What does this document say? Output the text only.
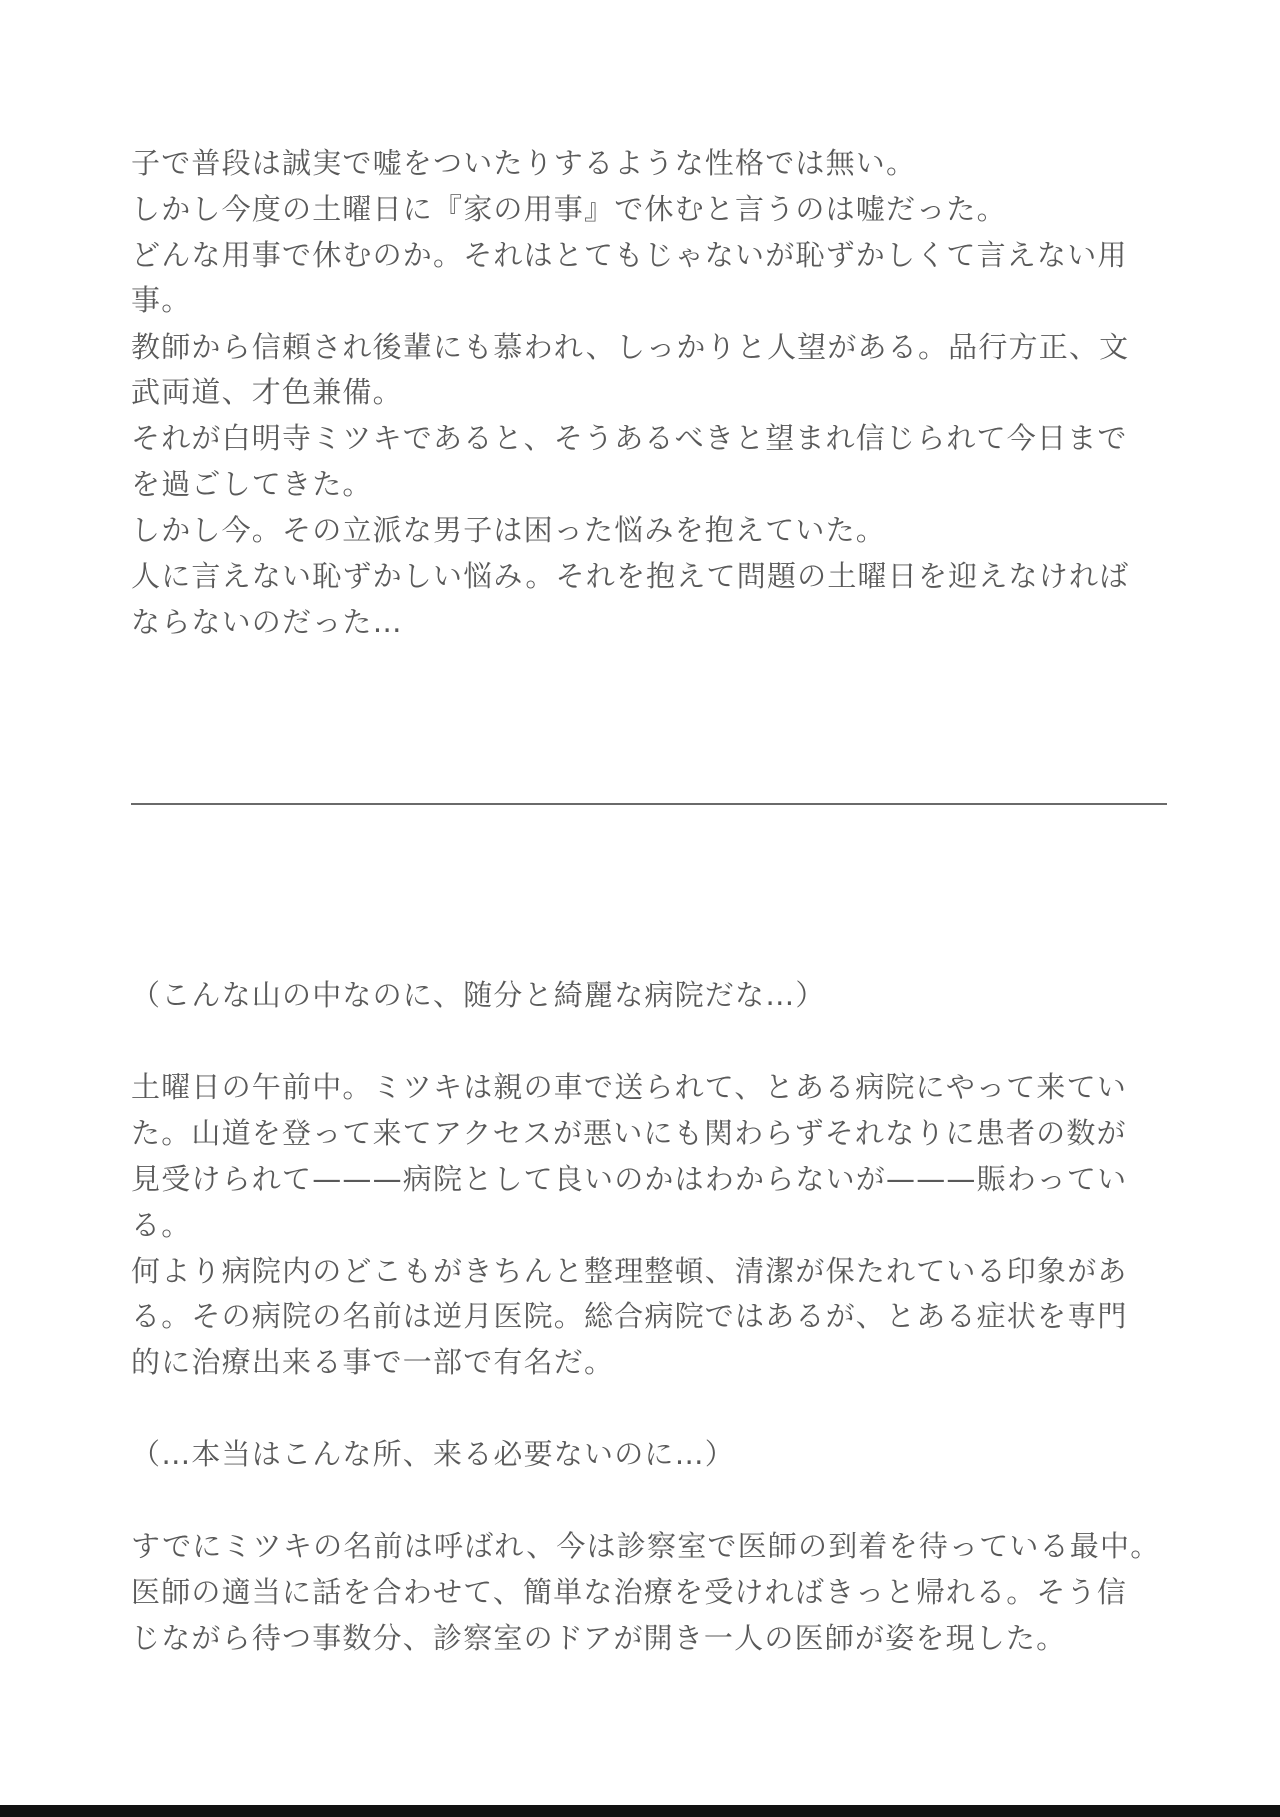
子で普段は誠実で嘘をついたりするような性格では無い。
しかし今度の土曜日に『家の用事』で休むと言うのは嘘だった。
どんな用事で休むのか。それはとてもじゃないが恥ずかしくて言えない用
事。
教師から信頼され後輩にも慕われ、しっかりと人望がある。品行方正、文
武両道、才色兼備。
それが白明寺ミツキであると、そうあるべきと望まれ信じられて今日まで
を過ごしてきた。
しかし今。その立派な男子は困った悩みを抱えていた。
人に言えない恥ずかしい悩み。それを抱えて問題の土曜日を迎えなければ
ならないのだった…
（こんな山の中なのに、随分と綺麗な病院だな…）
土曜日の午前中。ミツキは親の車で送られて、とある病院にやって来てい
た。山道を登って来てアクセスが悪いにも関わらずそれなりに患者の数が
見受けられて———病院として良いのかはわからないが———賑わってい
る。
何より病院内のどこもがきちんと整理整頓、清潔が保たれている印象があ
る。その病院の名前は逆月医院。総合病院ではあるが、とある症状を専門
的に治療出来る事で一部で有名だ。
（…本当はこんな所、来る必要ないのに…）
すでにミツキの名前は呼ばれ、今は診察室で医師の到着を待っている最中。
医師の適当に話を合わせて、簡単な治療を受ければきっと帰れる。そう信
じながら待つ事数分、診察室のドアが開き一人の医師が姿を現した。
